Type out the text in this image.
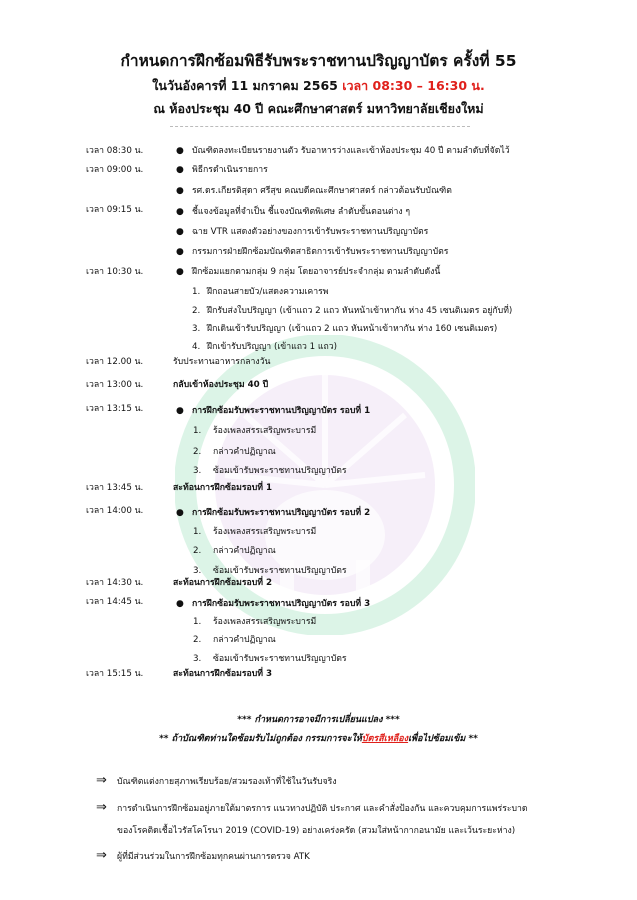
กำหนดการฝึกซ้อมพิธีรับพระราชทานปริญญาบัตร ครั้งที่ 55
ในวันอังคารที่ 11 มกราคม 2565 เวลา 08:30 – 16:30 น.
ณ ห้องประชุม 40 ปี คณะศึกษาศาสตร์ มหาวิทยาลัยเชียงใหม่
เวลา 08:30 น.	● บัณฑิตลงทะเบียนรายงานตัว รับอาหารว่างและเข้าห้องประชุม 40 ปี ตามลำดับที่จัดไว้
เวลา 09:00 น.	● พิธีกรดำเนินรายการ
● รศ.ดร.เกียรติสุดา ศรีสุข คณบดีคณะศึกษาศาสตร์ กล่าวต้อนรับบัณฑิต
เวลา 09:15 น.	● ชี้แจงข้อมูลที่จำเป็น ชี้แจงบัณฑิตพิเศษ ลำดับขั้นตอนต่าง ๆ
● ฉาย VTR แสดงตัวอย่างของการเข้ารับพระราชทานปริญญาบัตร
● กรรมการฝ่ายฝึกซ้อมบัณฑิตสาธิตการเข้ารับพระราชทานปริญญาบัตร
เวลา 10:30 น.	● ฝึกซ้อมแยกตามกลุ่ม 9 กลุ่ม โดยอาจารย์ประจำกลุ่ม ตามลำดับดังนี้
1. ฝึกถอนสายบัว/แสดงความเคารพ
2. ฝึกรับส่งใบปริญญา (เข้าแถว 2 แถว หันหน้าเข้าหากัน ห่าง 45 เซนติเมตร อยู่กับที่)
3. ฝึกเดินเข้ารับปริญญา (เข้าแถว 2 แถว หันหน้าเข้าหากัน ห่าง 160 เซนติเมตร)
4. ฝึกเข้ารับปริญญา (เข้าแถว 1 แถว)
เวลา 12.00 น.	รับประทานอาหารกลางวัน
เวลา 13:00 น.	กลับเข้าห้องประชุม 40 ปี
เวลา 13:15 น.	● การฝึกซ้อมรับพระราชทานปริญญาบัตร รอบที่ 1
1. ร้องเพลงสรรเสริญพระบารมี
2. กล่าวคำปฏิญาณ
3. ซ้อมเข้ารับพระราชทานปริญญาบัตร
เวลา 13:45 น.	สะท้อนการฝึกซ้อมรอบที่ 1
เวลา 14:00 น.	● การฝึกซ้อมรับพระราชทานปริญญาบัตร รอบที่ 2
1. ร้องเพลงสรรเสริญพระบารมี
2. กล่าวคำปฏิญาณ
3. ซ้อมเข้ารับพระราชทานปริญญาบัตร
เวลา 14:30 น.	สะท้อนการฝึกซ้อมรอบที่ 2
เวลา 14:45 น.	● การฝึกซ้อมรับพระราชทานปริญญาบัตร รอบที่ 3
1. ร้องเพลงสรรเสริญพระบารมี
2. กล่าวคำปฏิญาณ
3. ซ้อมเข้ารับพระราชทานปริญญาบัตร
เวลา 15:15 น.	สะท้อนการฝึกซ้อมรอบที่ 3
*** กำหนดการอาจมีการเปลี่ยนแปลง ***
** ถ้าบัณฑิตท่านใดซ้อมรับไม่ถูกต้อง กรรมการจะให้บัตรสีเหลืองเพื่อไปซ้อมเข้ม **
⇒ บัณฑิตแต่งกายสุภาพเรียบร้อย/สวมรองเท้าที่ใช้ในวันรับจริง
⇒ การดำเนินการฝึกซ้อมอยู่ภายใต้มาตรการ แนวทางปฏิบัติ ประกาศ และคำสั่งป้องกัน และควบคุมการแพร่ระบาด
ของโรคติดเชื้อไวรัสโคโรนา 2019 (COVID-19) อย่างเคร่งครัด (สวมใส่หน้ากากอนามัย และเว้นระยะห่าง)
⇒ ผู้ที่มีส่วนร่วมในการฝึกซ้อมทุกคนผ่านการตรวจ ATK
